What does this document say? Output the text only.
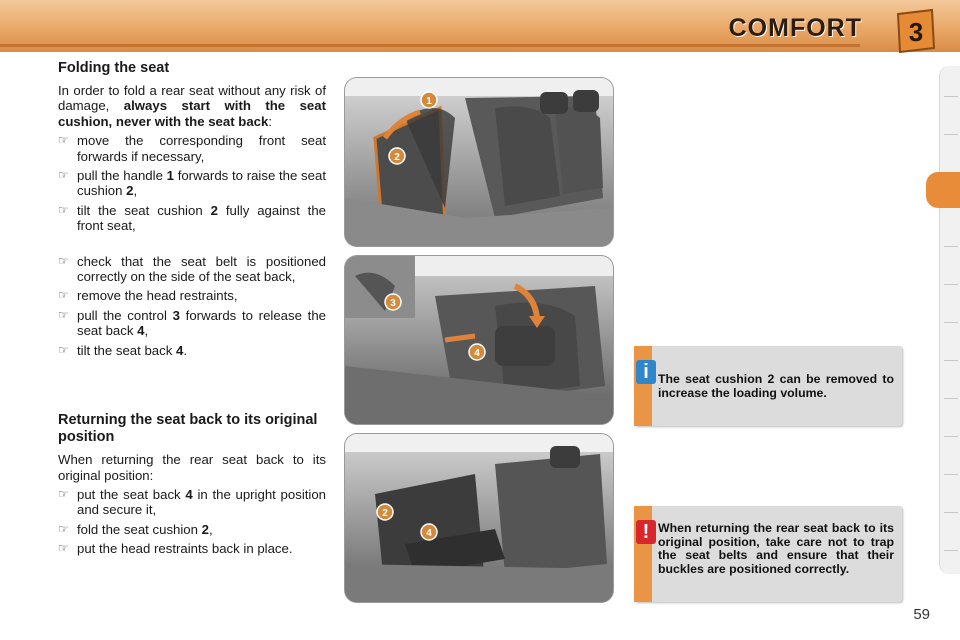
COMFORT 3
Folding the seat

In order to fold a rear seat without any risk of damage, always start with the seat cushion, never with the seat back:

☞ move the corresponding front seat forwards if necessary,
☞ pull the handle 1 forwards to raise the seat cushion 2,
☞ tilt the seat cushion 2 fully against the front seat,
☞ check that the seat belt is positioned correctly on the side of the seat back,
☞ remove the head restraints,
☞ pull the control 3 forwards to release the seat back 4,
☞ tilt the seat back 4.
Returning the seat back to its original position

When returning the rear seat back to its original position:

☞ put the seat back 4 in the upright position and secure it,
☞ fold the seat cushion 2,
☞ put the head restraints back in place.
1
2
3
4
2
4
i The seat cushion 2 can be removed to increase the loading volume.

! When returning the rear seat back to its original position, take care not to trap the seat belts and ensure that their buckles are positioned correctly.

59
